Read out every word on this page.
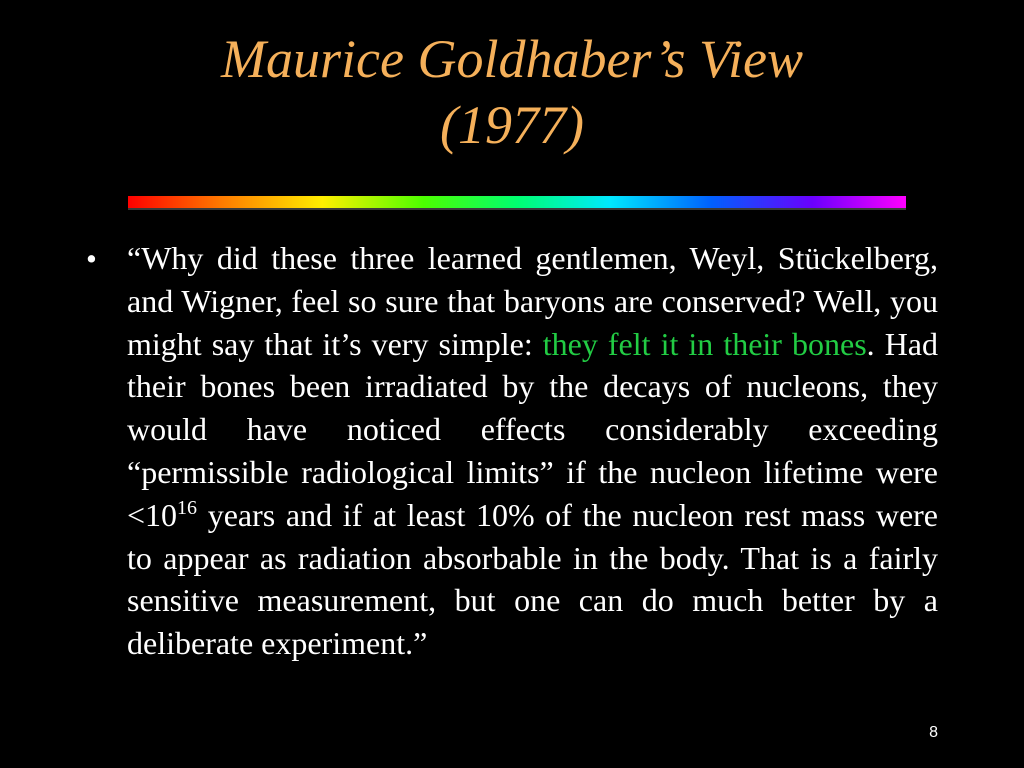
Maurice Goldhaber’s View
(1977)
• “Why did these three learned gentlemen, Weyl, Stückelberg, and Wigner, feel so sure that baryons are conserved? Well, you might say that it’s very simple: they felt it in their bones. Had their bones been irradiated by the decays of nucleons, they would have noticed effects considerably exceeding “permissible radiological limits” if the nucleon lifetime were $<10^{16}$ years and if at least 10% of the nucleon rest mass were to appear as radiation absorbable in the body. That is a fairly sensitive measurement, but one can do much better by a deliberate experiment.”
8
